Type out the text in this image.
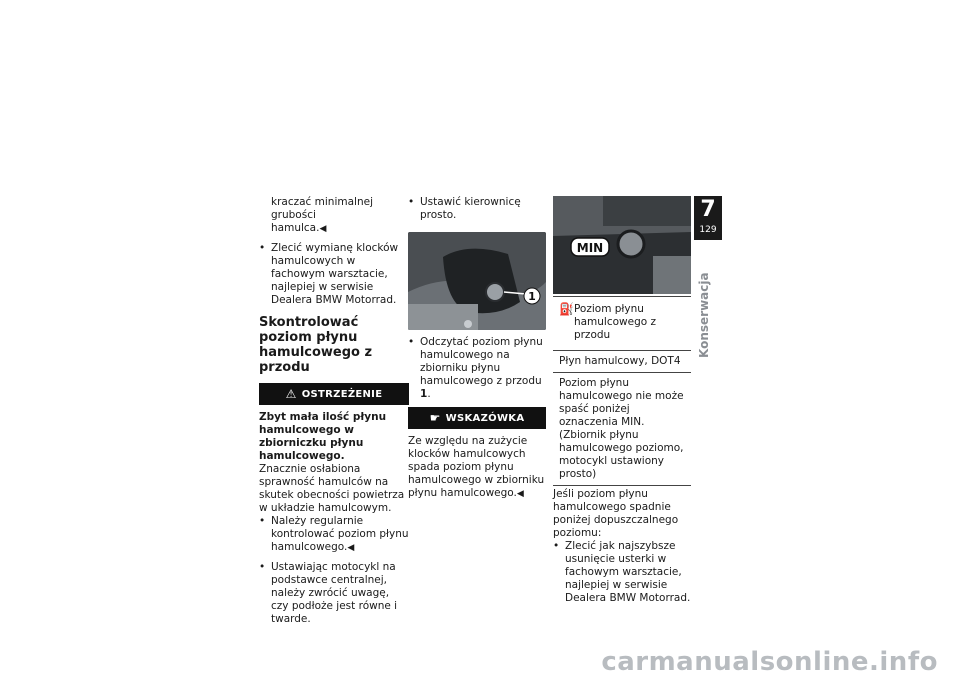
kraczać minimalnej grubości
hamulca.◀

• Zlecić wymianę klocków hamulcowych w fachowym warsztacie, najlepiej w serwisie Dealera BMW Motorrad.

Skontrolować poziom płynu hamulcowego z przodu
⚠ OSTRZEŻENIE

Zbyt mała ilość płynu hamulcowego w zbiorniczku płynu hamulcowego.

Znacznie osłabiona sprawność hamulców na skutek obecności powietrza w układzie hamulcowym.

• Należy regularnie kontrolować poziom płynu hamulcowego.◀

• Ustawiając motocykl na podstawce centralnej, należy zwrócić uwagę, czy podłoże jest równe i twarde.

• Ustawić kierownicę prosto.

1

• Odczytać poziom płynu hamulcowego na zbiorniku płynu hamulcowego z przodu 1.

☛ WSKAZÓWKA

Ze względu na zużycie klocków hamulcowych spada poziom płynu hamulcowego w zbiorniku płynu hamulcowego.◀

MIN
⛽ Poziom płynu hamulcowego z przodu
Płyn hamulcowy, DOT4
Poziom płynu hamulcowego nie może spaść poniżej oznaczenia MIN. (Zbiornik płynu hamulcowego poziomo, motocykl ustawiony prosto)

Jeśli poziom płynu hamulcowego spadnie poniżej dopuszczalnego poziomu:

• Zlecić jak najszybsze usunięcie usterki w fachowym warsztacie, najlepiej w serwisie Dealera BMW Motorrad.

7
129
Konserwacja
carmanualsonline.info
